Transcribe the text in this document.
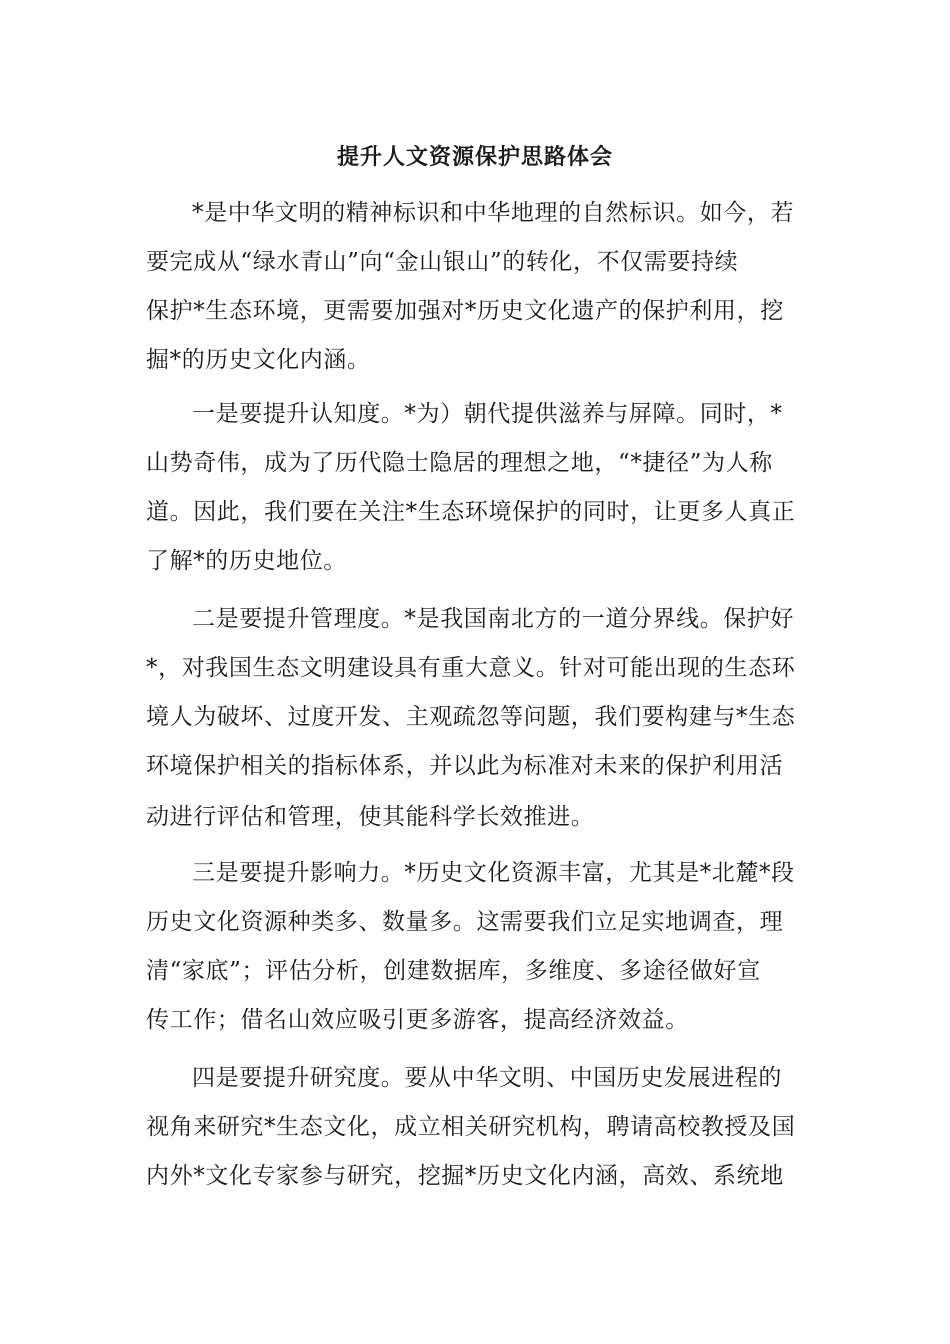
提升人文资源保护思路体会
*是中华文明的精神标识和中华地理的自然标识。如今，若
要完成从“绿水青山”向“金山银山”的转化，不仅需要持续
保护*生态环境，更需要加强对*历史文化遗产的保护利用，挖
掘*的历史文化内涵。
一是要提升认知度。*为）朝代提供滋养与屏障。同时，*
山势奇伟，成为了历代隐士隐居的理想之地，“*捷径”为人称
道。因此，我们要在关注*生态环境保护的同时，让更多人真正
了解*的历史地位。
二是要提升管理度。*是我国南北方的一道分界线。保护好
*，对我国生态文明建设具有重大意义。针对可能出现的生态环
境人为破坏、过度开发、主观疏忽等问题，我们要构建与*生态
环境保护相关的指标体系，并以此为标准对未来的保护利用活
动进行评估和管理，使其能科学长效推进。
三是要提升影响力。*历史文化资源丰富，尤其是*北麓*段
历史文化资源种类多、数量多。这需要我们立足实地调查，理
清“家底”；评估分析，创建数据库，多维度、多途径做好宣
传工作；借名山效应吸引更多游客，提高经济效益。
四是要提升研究度。要从中华文明、中国历史发展进程的
视角来研究*生态文化，成立相关研究机构，聘请高校教授及国
内外*文化专家参与研究，挖掘*历史文化内涵，高效、系统地
